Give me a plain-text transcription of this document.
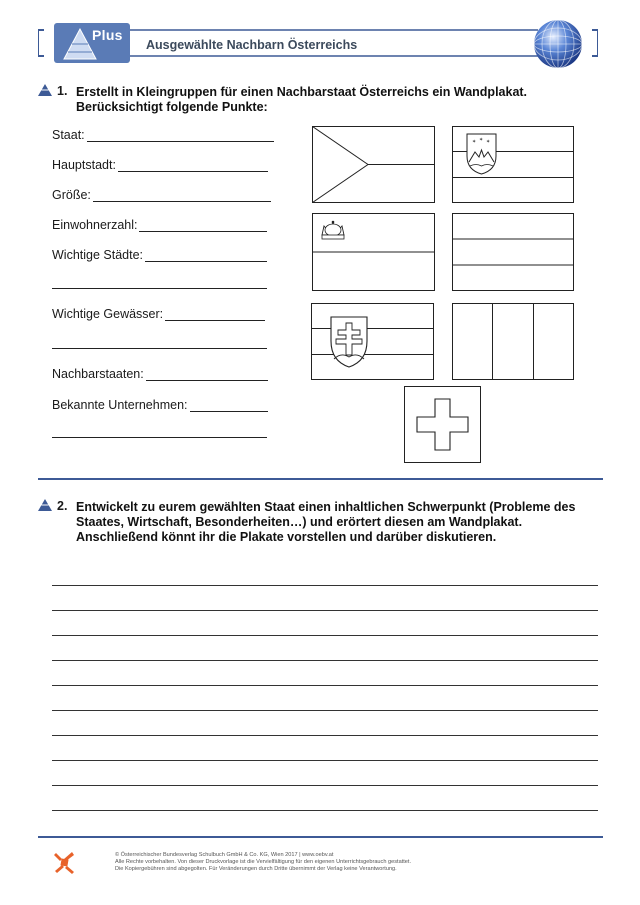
Plus
Ausgewählte Nachbarn Österreichs
1. Erstellt in Kleingruppen für einen Nachbarstaat Österreichs ein Wandplakat.
Berücksichtigt folgende Punkte:
Staat:
Hauptstadt:
Größe:
Einwohnerzahl:
Wichtige Städte:
Wichtige Gewässer:
Nachbarstaaten:
Bekannte Unternehmen:
✶ ✶ ✶
2. Entwickelt zu eurem gewählten Staat einen inhaltlichen Schwerpunkt (Probleme des
Staates, Wirtschaft, Besonderheiten…) und erörtert diesen am Wandplakat.
Anschließend könnt ihr die Plakate vorstellen und darüber diskutieren.
© Österreichischer Bundesverlag Schulbuch GmbH & Co. KG, Wien 2017 | www.oebv.at
Alle Rechte vorbehalten. Von dieser Druckvorlage ist die Vervielfältigung für den eigenen Unterrichtsgebrauch gestattet.
Die Kopiergebühren sind abgegolten. Für Veränderungen durch Dritte übernimmt der Verlag keine Verantwortung.
